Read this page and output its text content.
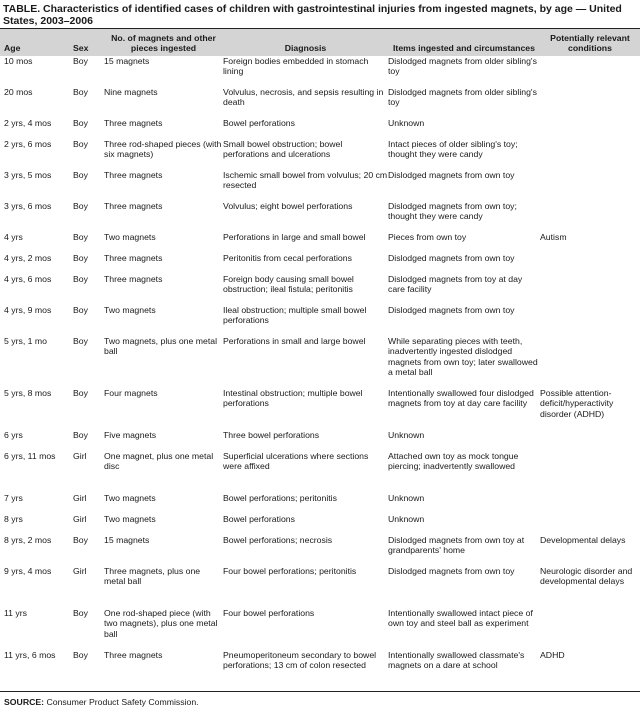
TABLE. Characteristics of identified cases of children with gastrointestinal injuries from ingested magnets, by age — United States, 2003–2006
Age	Sex	No. of magnets and other pieces ingested	Diagnosis	Items ingested and circumstances	Potentially relevant conditions
10 mos	Boy	15 magnets	Foreign bodies embedded in stomach lining	Dislodged magnets from older sibling's toy	
20 mos	Boy	Nine magnets	Volvulus, necrosis, and sepsis resulting in death	Dislodged magnets from older sibling's toy	
2 yrs, 4 mos	Boy	Three magnets	Bowel perforations	Unknown	
2 yrs, 6 mos	Boy	Three rod-shaped pieces (with six magnets)	Small bowel obstruction; bowel perforations and ulcerations	Intact pieces of older sibling's toy; thought they were candy	
3 yrs, 5 mos	Boy	Three magnets	Ischemic small bowel from volvulus; 20 cm resected	Dislodged magnets from own toy	
3 yrs, 6 mos	Boy	Three magnets	Volvulus; eight bowel perforations	Dislodged magnets from own toy; thought they were candy	
4 yrs	Boy	Two magnets	Perforations in large and small bowel	Pieces from own toy	Autism
4 yrs, 2 mos	Boy	Three magnets	Peritonitis from cecal perforations	Dislodged magnets from own toy	
4 yrs, 6 mos	Boy	Three magnets	Foreign body causing small bowel obstruction; ileal fistula; peritonitis	Dislodged magnets from toy at day care facility	
4 yrs, 9 mos	Boy	Two magnets	Ileal obstruction; multiple small bowel perforations	Dislodged magnets from own toy	
5 yrs, 1 mo	Boy	Two magnets, plus one metal ball	Perforations in small and large bowel	While separating pieces with teeth, inadvertently ingested dislodged magnets from own toy; later swallowed a metal ball	
5 yrs, 8 mos	Boy	Four magnets	Intestinal obstruction; multiple bowel perforations	Intentionally swallowed four dislodged magnets from toy at day care facility	Possible attention-deficit/hyperactivity disorder (ADHD)
6 yrs	Boy	Five magnets	Three bowel perforations	Unknown	
6 yrs, 11 mos	Girl	One magnet, plus one metal disc	Superficial ulcerations where sections were affixed	Attached own toy as mock tongue piercing; inadvertently swallowed	
7 yrs	Girl	Two magnets	Bowel perforations; peritonitis	Unknown	
8 yrs	Girl	Two magnets	Bowel perforations	Unknown	
8 yrs, 2 mos	Boy	15 magnets	Bowel perforations; necrosis	Dislodged magnets from own toy at grandparents' home	Developmental delays
9 yrs, 4 mos	Girl	Three magnets, plus one metal ball	Four bowel perforations; peritonitis	Dislodged magnets from own toy	Neurologic disorder and developmental delays
11 yrs	Boy	One rod-shaped piece (with two magnets), plus one metal ball	Four bowel perforations	Intentionally swallowed intact piece of own toy and steel ball as experiment	
11 yrs, 6 mos	Boy	Three magnets	Pneumoperitoneum secondary to bowel perforations; 13 cm of colon resected	Intentionally swallowed classmate's magnets on a dare at school	ADHD
SOURCE: Consumer Product Safety Commission.
